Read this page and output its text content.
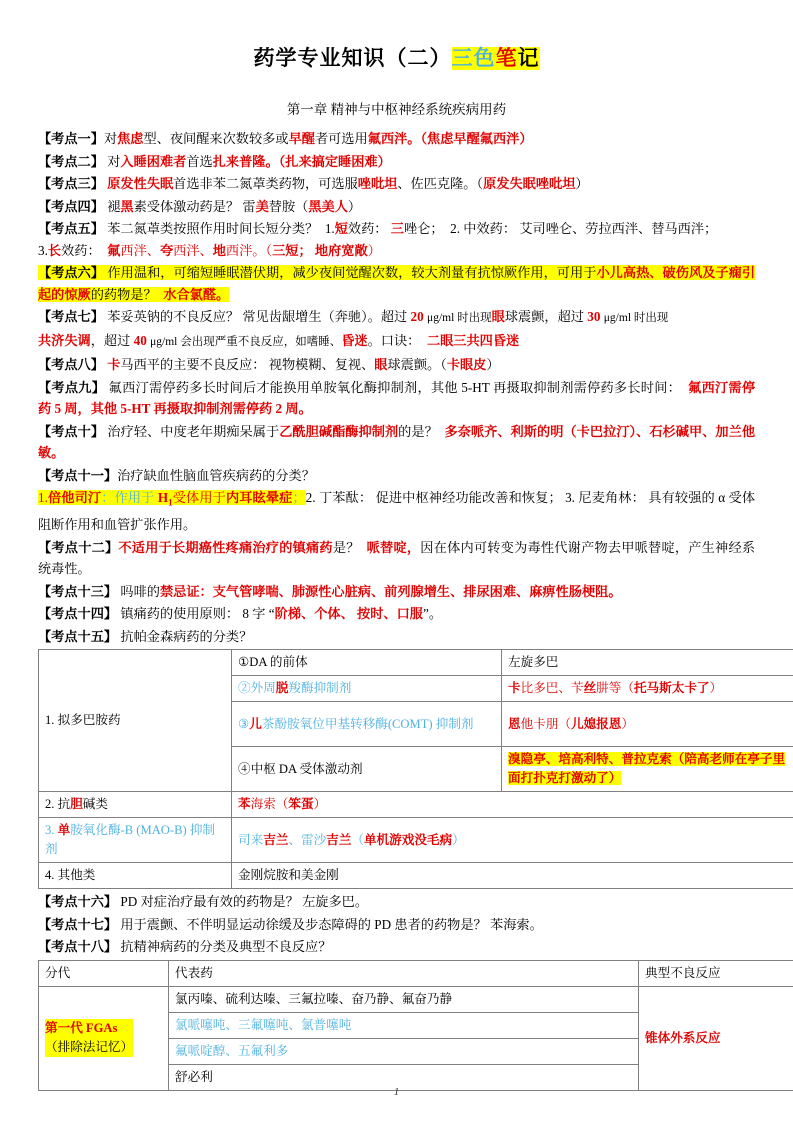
药学专业知识（二）三色笔记
第一章 精神与中枢神经系统疾病用药

【考点一】对焦虑型、夜间醒来次数较多或早醒者可选用氟西泮。（焦虑早醒氟西泮）

【考点二】 对入睡困难者首选扎来普隆。（扎来搞定睡困难）

【考点三】 原发性失眠首选非苯二氮䓬类药物，可选服唑吡坦、佐匹克隆。（原发失眠唑吡坦）

【考点四】 褪黑素受体激动药是？ 雷美替胺（黑美人）

【考点五】 苯二氮䓬类按照作用时间长短分类？ 1.短效药： 三唑仑； 2. 中效药： 艾司唑仑、劳拉西泮、替马西泮；
3.长效药： 氟西泮、夸西泮、地西泮。（三短； 地府宽敞）

【考点六】 作用温和，可缩短睡眠潜伏期，减少夜间觉醒次数，较大剂量有抗惊厥作用，可用于小儿高热、破伤风及子痫引起的惊厥的药物是？ 水合氯醛。

【考点七】 苯妥英钠的不良反应？ 常见齿龈增生（奔驰）。超过 20 μg/ml 时出现眼球震颤，超过 30 μg/ml 时出现
共济失调，超过 40 μg/ml 会出现严重不良反应，如嗜睡、昏迷。口诀： 二眼三共四昏迷

【考点八】 卡马西平的主要不良反应： 视物模糊、复视、眼球震颤。（卡眼皮）

【考点九】 氟西汀需停药多长时间后才能换用单胺氧化酶抑制剂，其他 5-HT 再摄取抑制剂需停药多长时间： 氟西汀需停药 5 周，其他 5-HT 再摄取抑制剂需停药 2 周。

【考点十】 治疗轻、中度老年期痴呆属于乙酰胆碱酯酶抑制剂的是？ 多奈哌齐、利斯的明（卡巴拉汀）、石杉碱甲、加兰他敏。

【考点十一】治疗缺血性脑血管疾病药的分类？

1.倍他司汀：作用于 $H_1$受体用于内耳眩晕症；2. 丁苯酞： 促进中枢神经功能改善和恢复； 3. 尼麦角林： 具有较强的 α 受体阻断作用和血管扩张作用。

【考点十二】不适用于长期癌性疼痛治疗的镇痛药是？ 哌替啶，因在体内可转变为毒性代谢产物去甲哌替啶，产生神经系统毒性。

【考点十三】 吗啡的禁忌证：支气管哮喘、肺源性心脏病、前列腺增生、排尿困难、麻痹性肠梗阻。

【考点十四】 镇痛药的使用原则： 8 字 “阶梯、个体、 按时、口服”。

【考点十五】 抗帕金森病药的分类？

1. 拟多巴胺药	①DA 的前体	左旋多巴
	②外周脱羧酶抑制剂	卡比多巴、苄丝肼等（托马斯太卡了）
	③儿茶酚胺氧位甲基转移酶(COMT) 抑制剂	恩他卡朋（儿媳报恩）
	④中枢 DA 受体激动剂	溴隐亭、培高利特、普拉克索（陪高老师在亭子里面打扑克打激动了）
2. 抗胆碱类	苯海索（笨蛋）	
3. 单胺氧化酶-B (MAO-B) 抑制剂	司来吉兰、雷沙吉兰（单机游戏没毛病）	
4. 其他类	金刚烷胺和美金刚	

【考点十六】 PD 对症治疗最有效的药物是？ 左旋多巴。

【考点十七】 用于震颤、不伴明显运动徐缓及步态障碍的 PD 患者的药物是？ 苯海索。

【考点十八】 抗精神病药的分类及典型不良反应？

分代	代表药	典型不良反应
第一代 FGAs
（排除法记忆）	氯丙嗪、硫利达嗪、三氟拉嗪、奋乃静、氟奋乃静	锥体外系反应
	氯哌噻吨、三氟噻吨、氯普噻吨	
	氟哌啶醇、五氟利多	
	舒必利	
1
